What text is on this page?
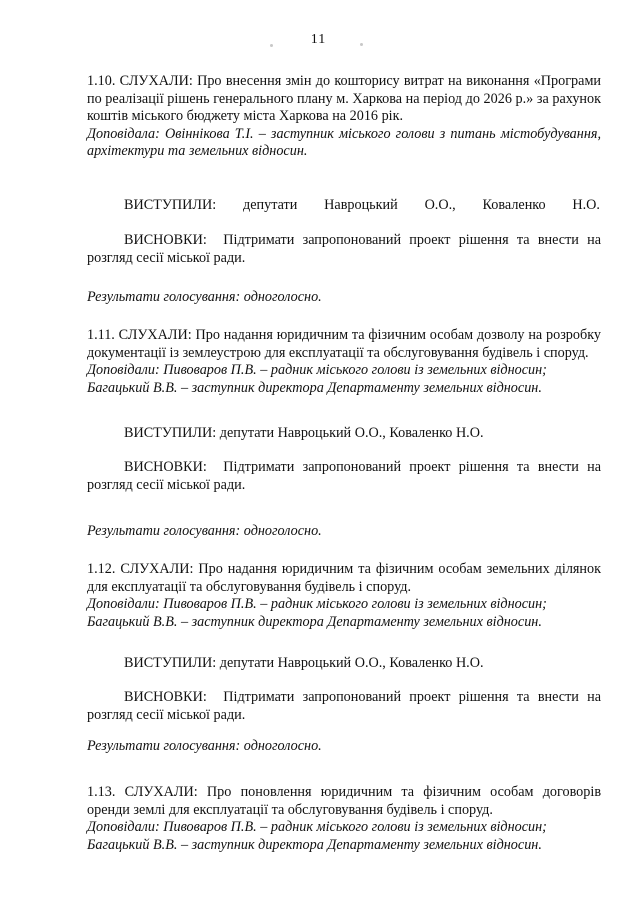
11

1.10. СЛУХАЛИ: Про внесення змін до кошторису витрат на виконання «Програми по реалізації рішень генерального плану м. Харкова на період до 2026 р.» за рахунок коштів міського бюджету міста Харкова на 2016 рік.

Доповідала: Овіннікова Т.І. – заступник міського голови з питань містобудування, архітектури та земельних відносин.

ВИСТУПИЛИ: депутати Навроцький О.О., Коваленко Н.О.

ВИСНОВКИ: Підтримати запропонований проект рішення та внести на

розгляд сесії міської ради.

Результати голосування: одноголосно.

1.11. СЛУХАЛИ: Про надання юридичним та фізичним особам дозволу на розробку документації із землеустрою для експлуатації та обслуговування будівель і споруд.

Доповідали: Пивоваров П.В. – радник міського голови із земельних відносин;

Багацький В.В. – заступник директора Департаменту земельних відносин.

ВИСТУПИЛИ: депутати Навроцький О.О., Коваленко Н.О.

ВИСНОВКИ: Підтримати запропонований проект рішення та внести на

розгляд сесії міської ради.

Результати голосування: одноголосно.

1.12. СЛУХАЛИ: Про надання юридичним та фізичним особам земельних ділянок для експлуатації та обслуговування будівель і споруд.

Доповідали: Пивоваров П.В. – радник міського голови із земельних відносин;

Багацький В.В. – заступник директора Департаменту земельних відносин.

ВИСТУПИЛИ: депутати Навроцький О.О., Коваленко Н.О.

ВИСНОВКИ: Підтримати запропонований проект рішення та внести на

розгляд сесії міської ради.

Результати голосування: одноголосно.

1.13. СЛУХАЛИ: Про поновлення юридичним та фізичним особам договорів оренди землі для експлуатації та обслуговування будівель і споруд.

Доповідали: Пивоваров П.В. – радник міського голови із земельних відносин;

Багацький В.В. – заступник директора Департаменту земельних відносин.
